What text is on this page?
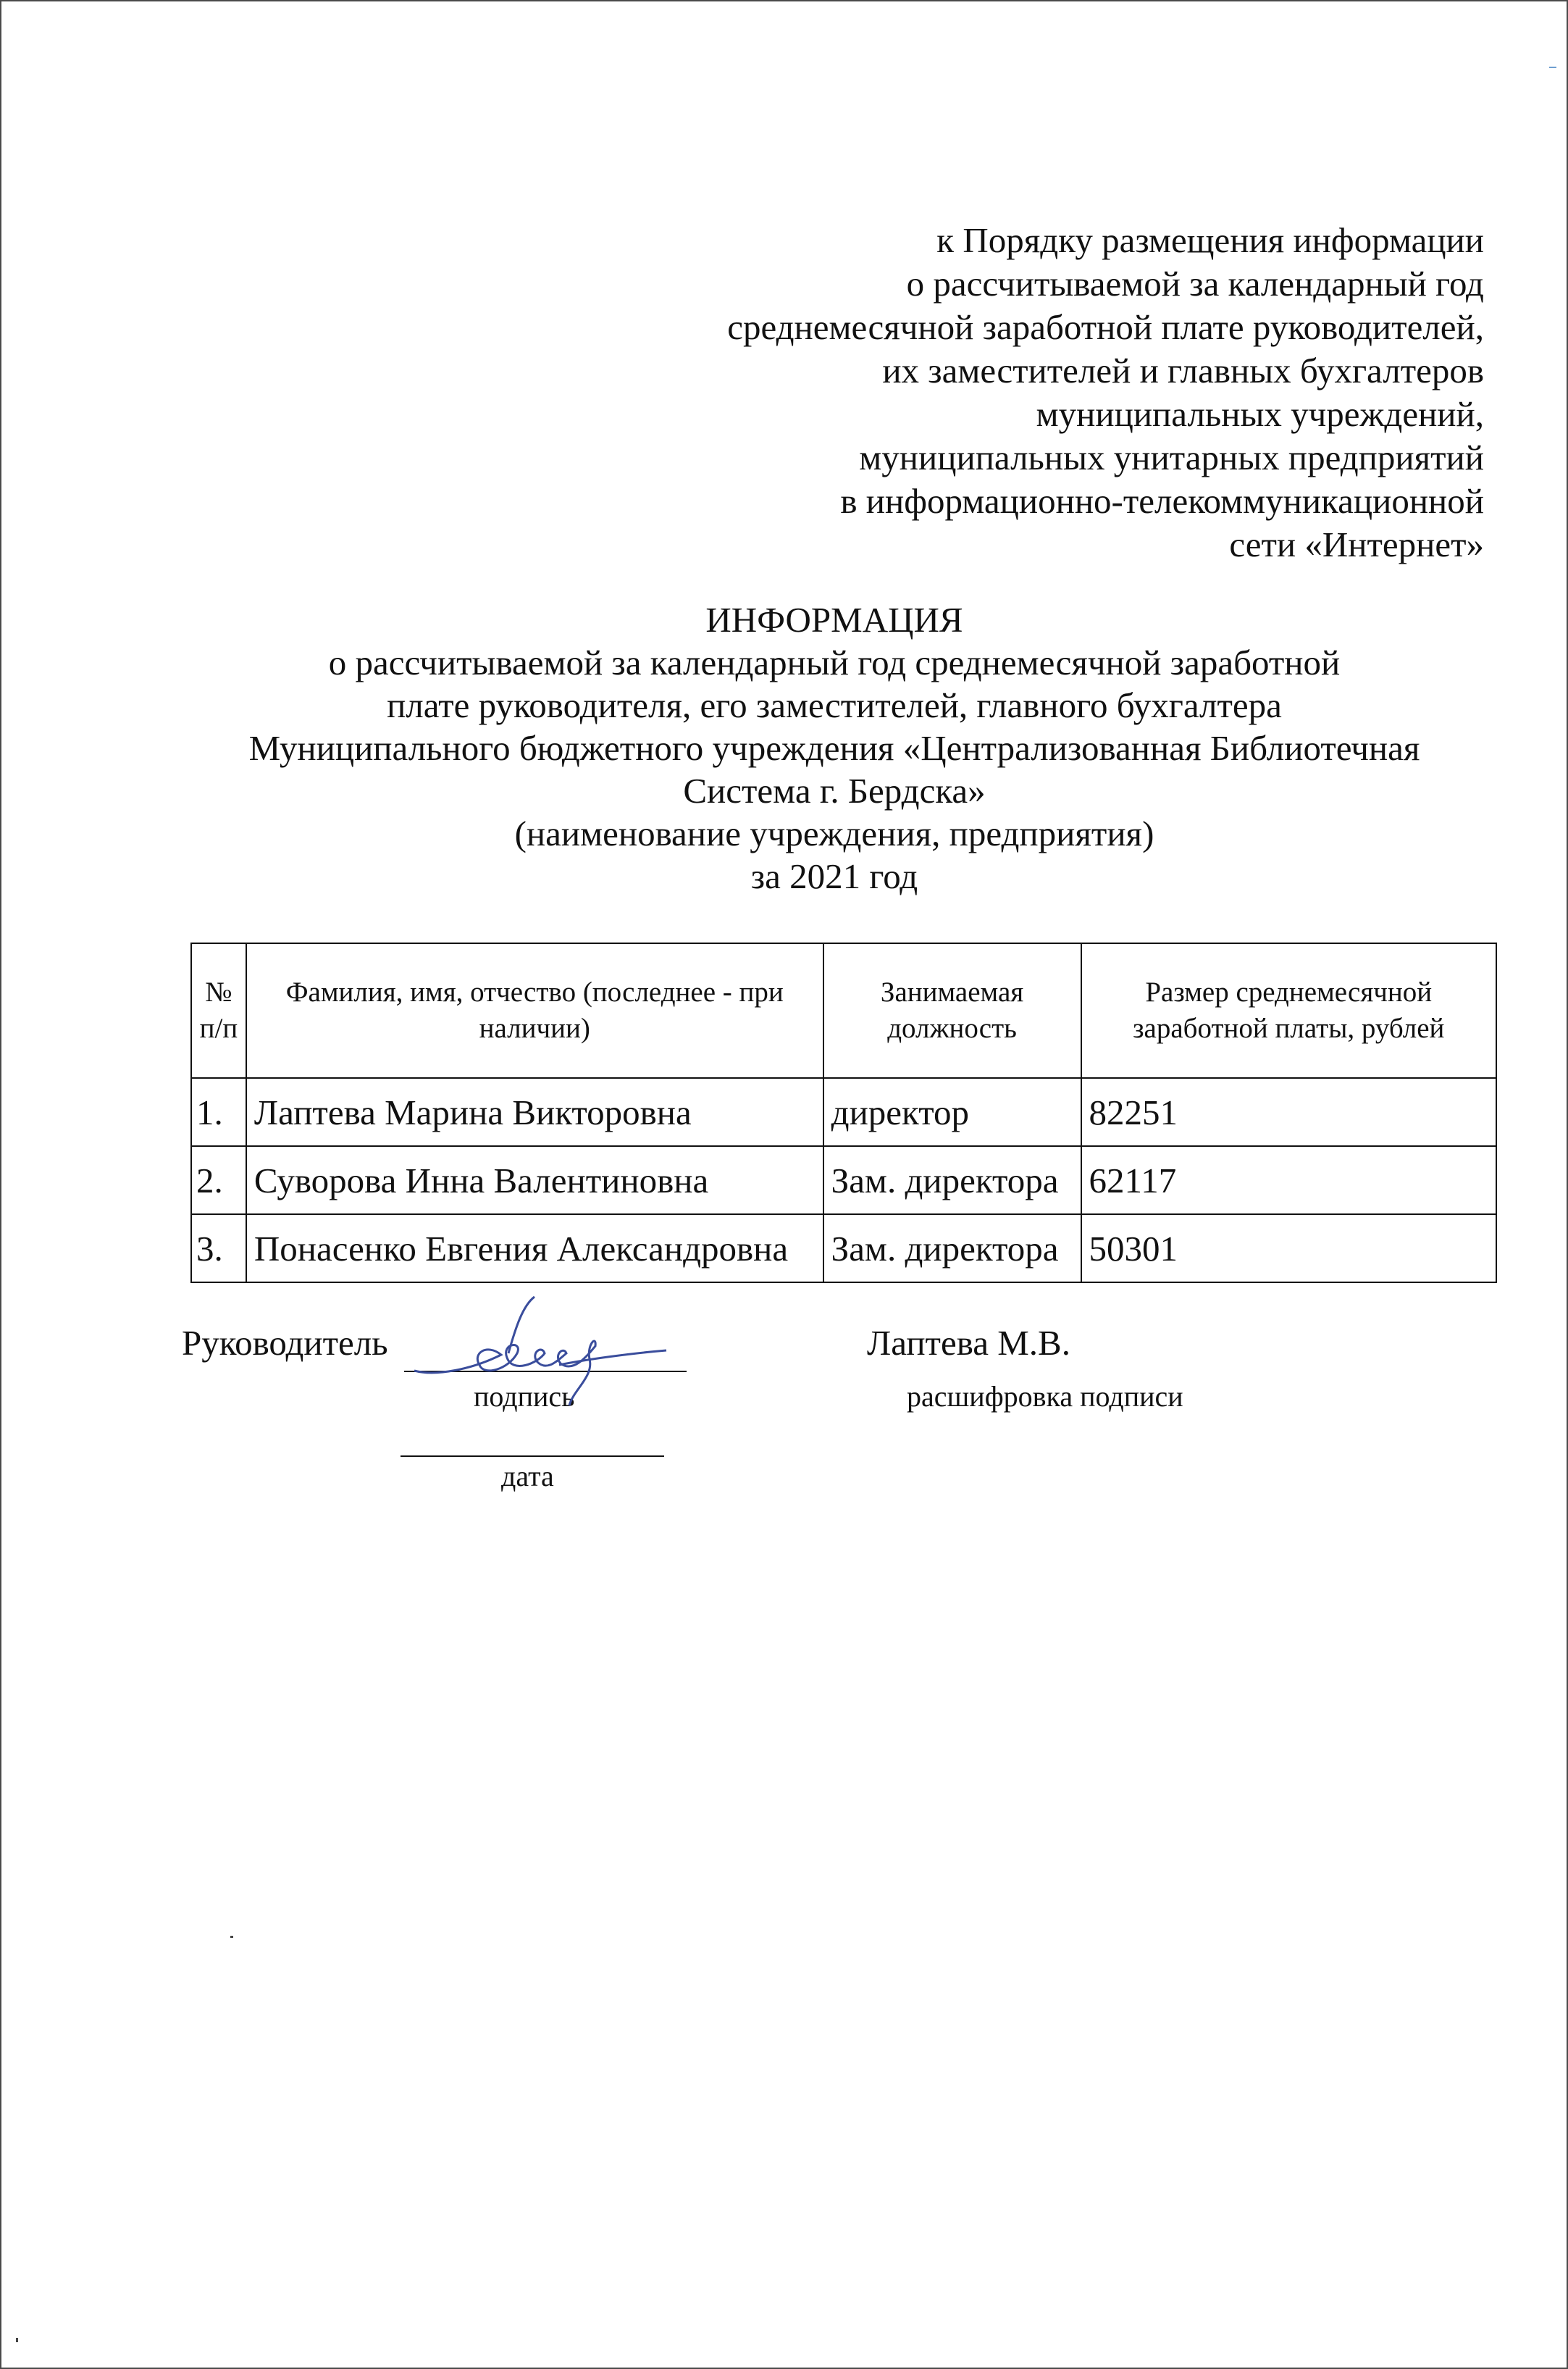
к Порядку размещения информации
о рассчитываемой за календарный год
среднемесячной заработной плате руководителей,
их заместителей и главных бухгалтеров
муниципальных учреждений,
муниципальных унитарных предприятий
в информационно-телекоммуникационной
сети «Интернет»
ИНФОРМАЦИЯ
о рассчитываемой за календарный год среднемесячной заработной
плате руководителя, его заместителей, главного бухгалтера
Муниципального бюджетного учреждения «Централизованная Библиотечная
Система г. Бердска»
(наименование учреждения, предприятия)
за 2021 год
№ п/п	Фамилия, имя, отчество (последнее - при наличии)	Занимаемая должность	Размер среднемесячной заработной платы, рублей
1.	Лаптева Марина Викторовна	директор	82251
2.	Суворова Инна Валентиновна	Зам. директора	62117
3.	Понасенко Евгения Александровна	Зам. директора	50301
Руководитель
подпись
Лаптева М.В.
расшифровка подписи
дата
